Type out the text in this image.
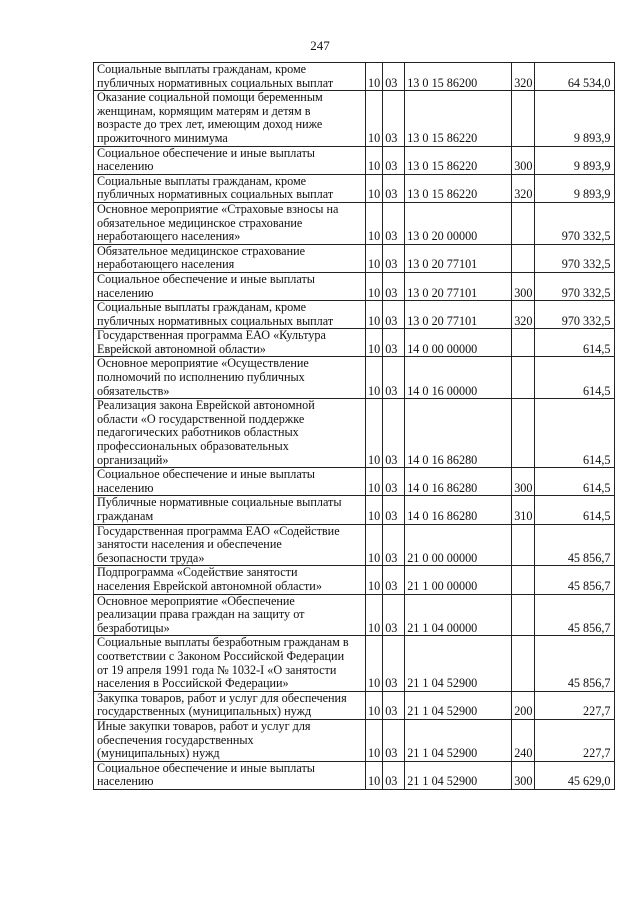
247
Социальные выплаты гражданам, кроме
публичных нормативных социальных выплат	10	03	13 0 15 86200	320	64 534,0

Оказание социальной помощи беременным
женщинам, кормящим матерям и детям в
возрасте до трех лет, имеющим доход ниже
прожиточного минимума	10	03	13 0 15 86220		9 893,9

Социальное обеспечение и иные выплаты
населению	10	03	13 0 15 86220	300	9 893,9

Социальные выплаты гражданам, кроме
публичных нормативных социальных выплат	10	03	13 0 15 86220	320	9 893,9

Основное мероприятие «Страховые взносы на
обязательное медицинское страхование
неработающего населения»	10	03	13 0 20 00000		970 332,5

Обязательное медицинское страхование
неработающего населения	10	03	13 0 20 77101		970 332,5

Социальное обеспечение и иные выплаты
населению	10	03	13 0 20 77101	300	970 332,5

Социальные выплаты гражданам, кроме
публичных нормативных социальных выплат	10	03	13 0 20 77101	320	970 332,5

Государственная программа ЕАО «Культура
Еврейской автономной области»	10	03	14 0 00 00000		614,5

Основное мероприятие «Осуществление
полномочий по исполнению публичных
обязательств»	10	03	14 0 16 00000		614,5

Реализация закона Еврейской автономной
области «О государственной поддержке
педагогических работников областных
профессиональных образовательных
организаций»	10	03	14 0 16 86280		614,5

Социальное обеспечение и иные выплаты
населению	10	03	14 0 16 86280	300	614,5

Публичные нормативные социальные выплаты
гражданам	10	03	14 0 16 86280	310	614,5

Государственная программа ЕАО «Содействие
занятости населения и обеспечение
безопасности труда»	10	03	21 0 00 00000		45 856,7

Подпрограмма «Содействие занятости
населения Еврейской автономной области»	10	03	21 1 00 00000		45 856,7

Основное мероприятие «Обеспечение
реализации права граждан на защиту от
безработицы»	10	03	21 1 04 00000		45 856,7

Социальные выплаты безработным гражданам в
соответствии с Законом Российской Федерации
от 19 апреля 1991 года № 1032-I «О занятости
населения в Российской Федерации»	10	03	21 1 04 52900		45 856,7

Закупка товаров, работ и услуг для обеспечения
государственных (муниципальных) нужд	10	03	21 1 04 52900	200	227,7

Иные закупки товаров, работ и услуг для
обеспечения государственных
(муниципальных) нужд	10	03	21 1 04 52900	240	227,7

Социальное обеспечение и иные выплаты
населению	10	03	21 1 04 52900	300	45 629,0
